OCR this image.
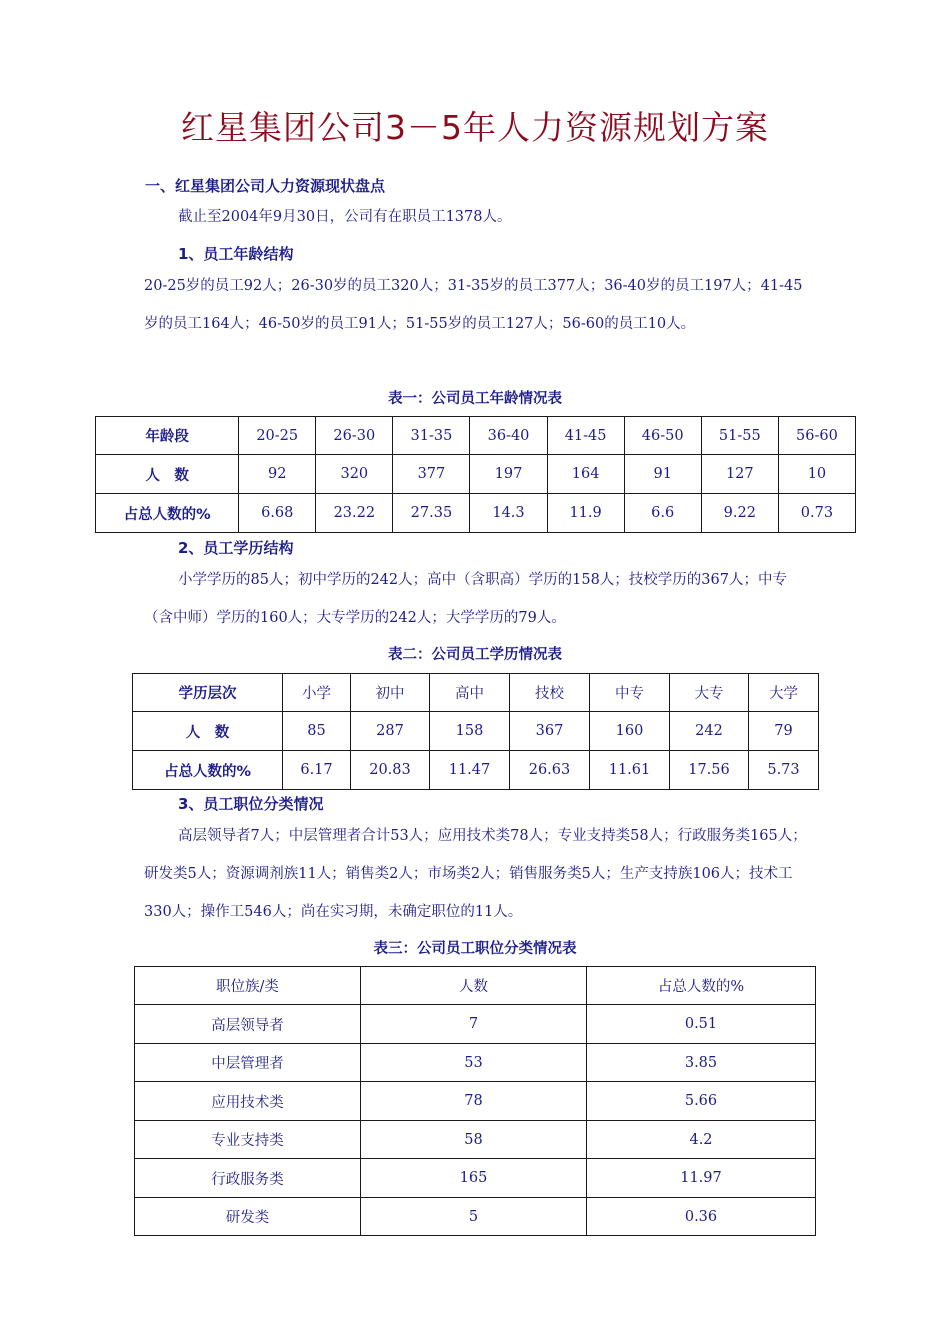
红星集团公司3－5年人力资源规划方案
一、红星集团公司人力资源现状盘点
截止至2004年9月30日，公司有在职员工1378人。
1、员工年龄结构
20-25岁的员工92人；26-30岁的员工320人；31-35岁的员工377人；36-40岁的员工197人；41-45岁的员工164人；46-50岁的员工91人；51-55岁的员工127人；56-60的员工10人。
表一：公司员工年龄情况表
年龄段	20-25	26-30	31-35	36-40	41-45	46-50	51-55	56-60
人　数	92	320	377	197	164	91	127	10
占总人数的%	6.68	23.22	27.35	14.3	11.9	6.6	9.22	0.73
2、员工学历结构
小学学历的85人；初中学历的242人；高中（含职高）学历的158人；技校学历的367人；中专（含中师）学历的160人；大专学历的242人；大学学历的79人。
表二：公司员工学历情况表
学历层次	小学	初中	高中	技校	中专	大专	大学
人　数	85	287	158	367	160	242	79
占总人数的%	6.17	20.83	11.47	26.63	11.61	17.56	5.73
3、员工职位分类情况
高层领导者7人；中层管理者合计53人；应用技术类78人；专业支持类58人；行政服务类165人；研发类5人；资源调剂族11人；销售类2人；市场类2人；销售服务类5人；生产支持族106人；技术工330人；操作工546人；尚在实习期，未确定职位的11人。
表三：公司员工职位分类情况表
职位族/类	人数	占总人数的%
高层领导者	7	0.51
中层管理者	53	3.85
应用技术类	78	5.66
专业支持类	58	4.2
行政服务类	165	11.97
研发类	5	0.36
